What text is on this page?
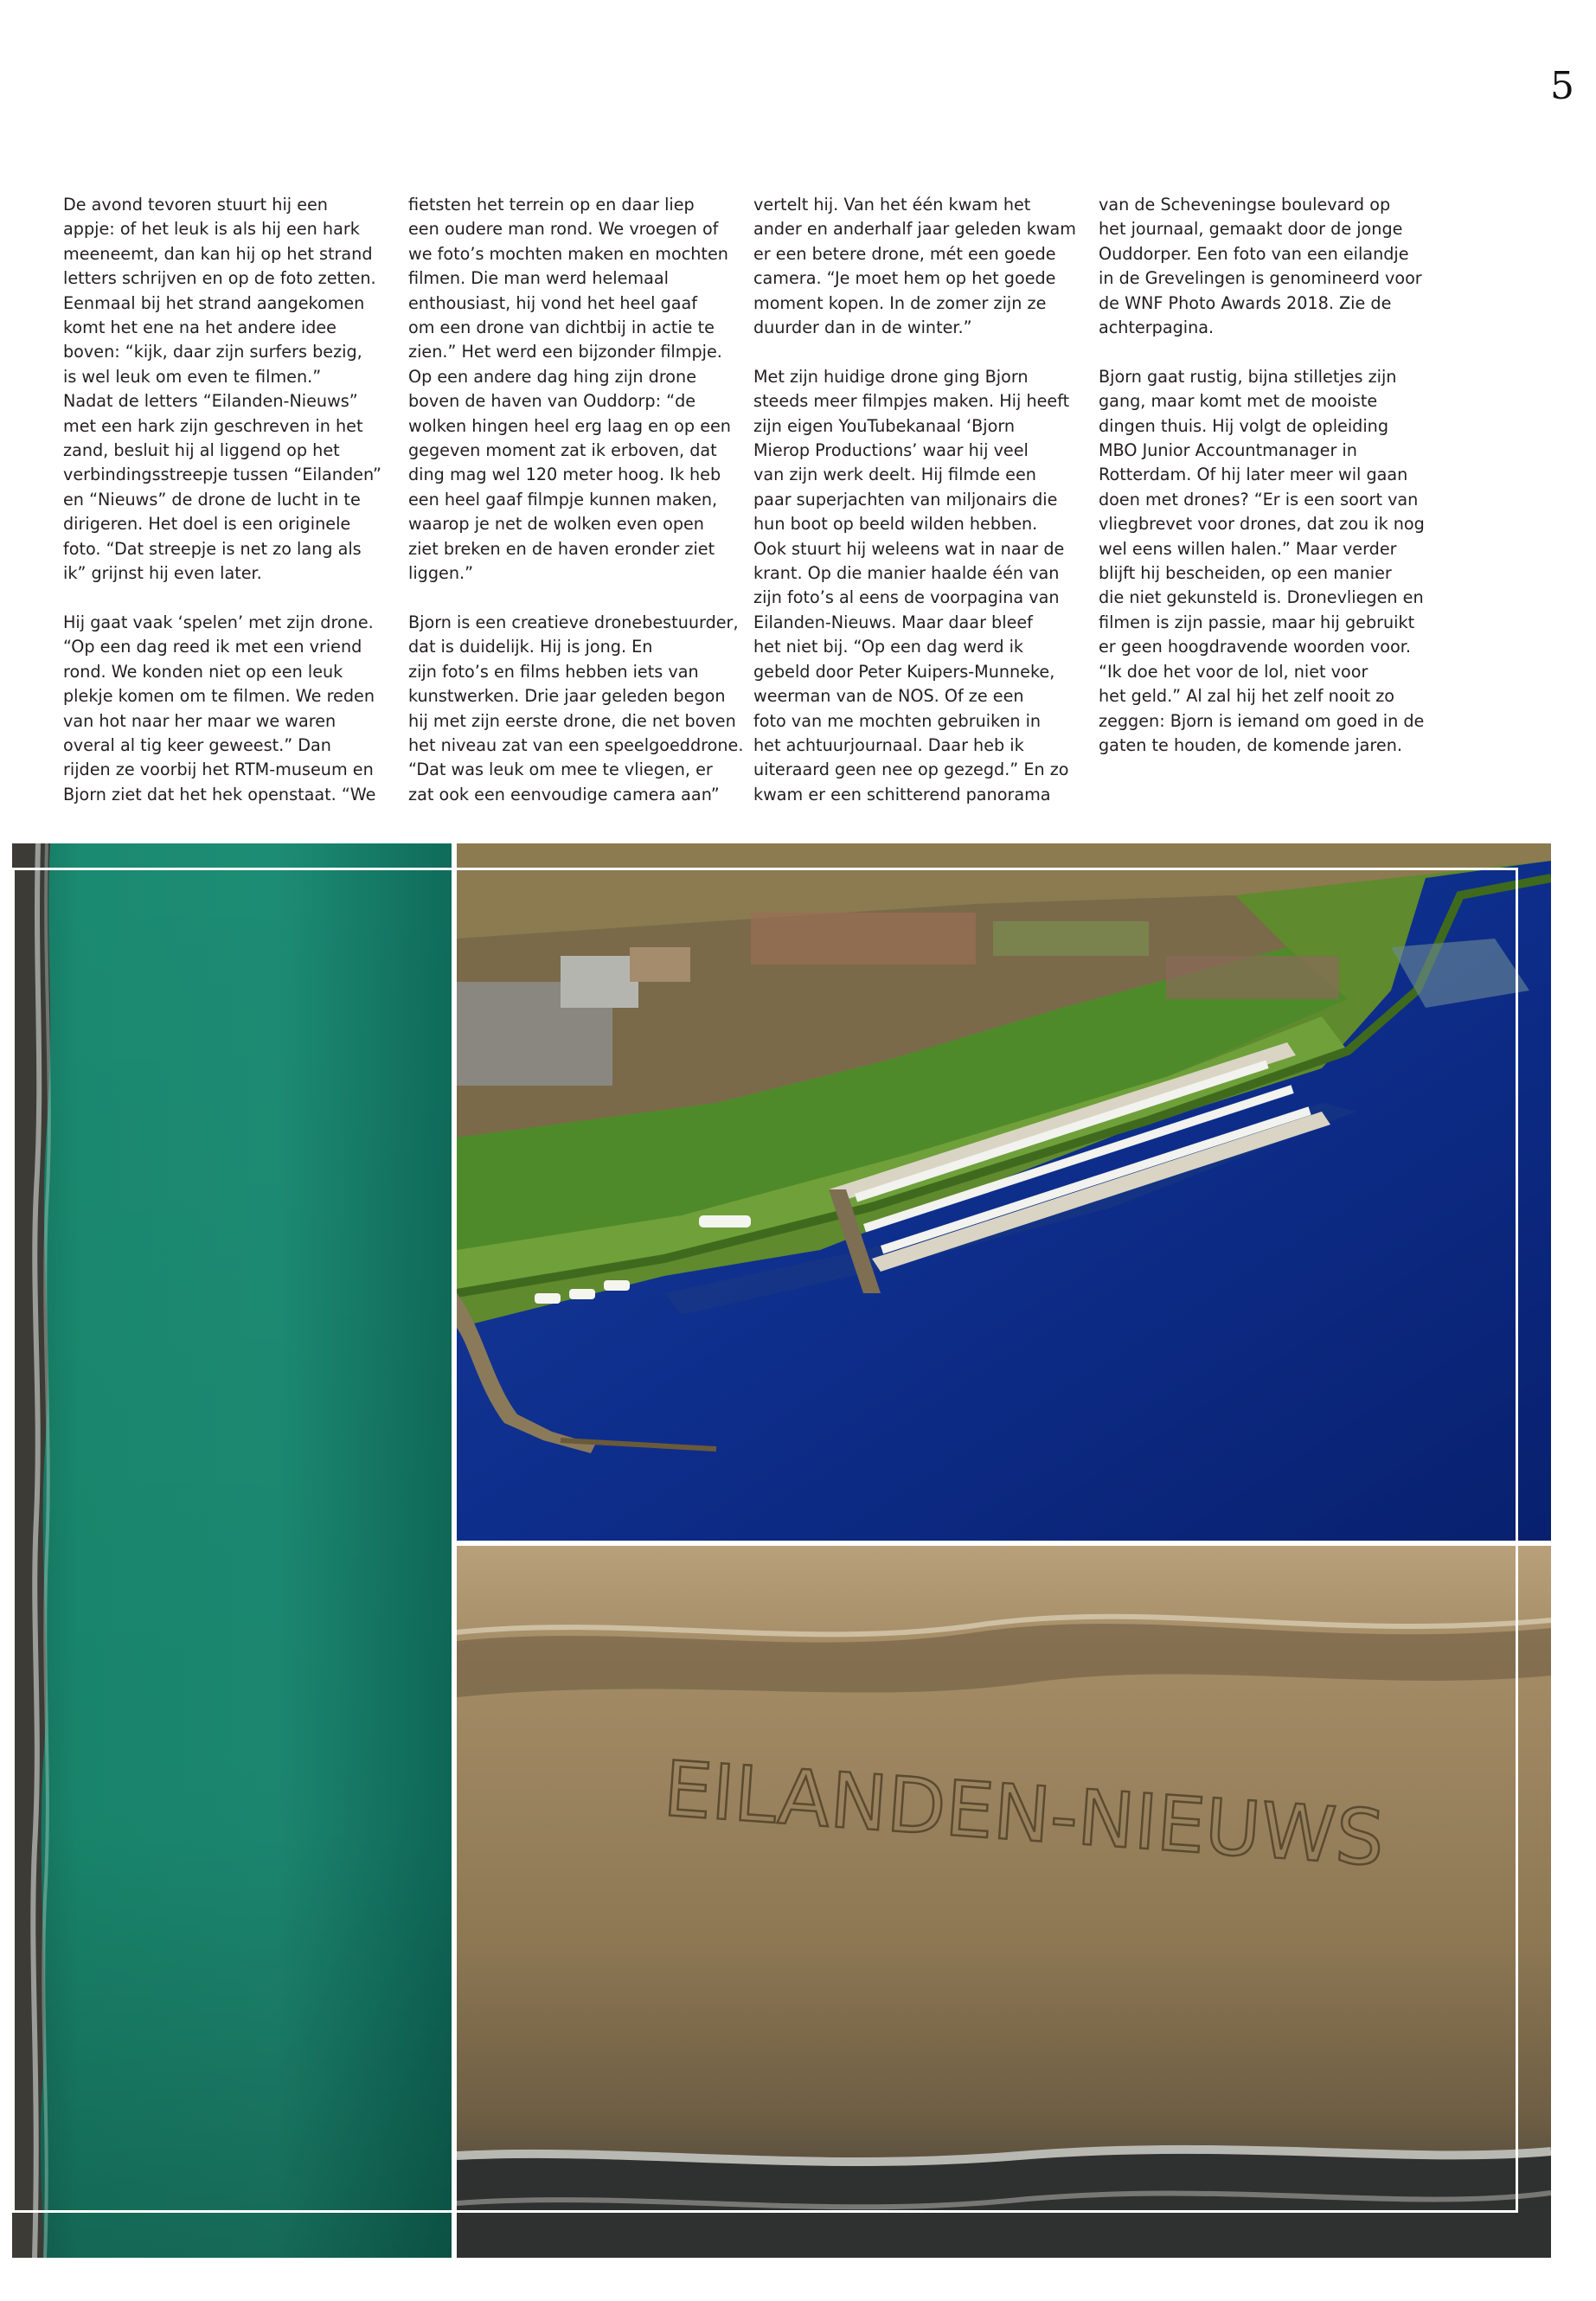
5

De avond tevoren stuurt hij een
appje: of het leuk is als hij een hark
meeneemt, dan kan hij op het strand
letters schrijven en op de foto zetten.
Eenmaal bij het strand aangekomen
komt het ene na het andere idee
boven: “kijk, daar zijn surfers bezig,
is wel leuk om even te filmen.”
Nadat de letters “Eilanden-Nieuws”
met een hark zijn geschreven in het
zand, besluit hij al liggend op het
verbindingsstreepje tussen “Eilanden”
en “Nieuws” de drone de lucht in te
dirigeren. Het doel is een originele
foto. “Dat streepje is net zo lang als
ik” grijnst hij even later.

Hij gaat vaak ‘spelen’ met zijn drone.
“Op een dag reed ik met een vriend
rond. We konden niet op een leuk
plekje komen om te filmen. We reden
van hot naar her maar we waren
overal al tig keer geweest.” Dan
rijden ze voorbij het RTM-museum en
Bjorn ziet dat het hek openstaat. “We

fietsten het terrein op en daar liep
een oudere man rond. We vroegen of
we foto’s mochten maken en mochten
filmen. Die man werd helemaal
enthousiast, hij vond het heel gaaf
om een drone van dichtbij in actie te
zien.” Het werd een bijzonder filmpje.
Op een andere dag hing zijn drone
boven de haven van Ouddorp: “de
wolken hingen heel erg laag en op een
gegeven moment zat ik erboven, dat
ding mag wel 120 meter hoog. Ik heb
een heel gaaf filmpje kunnen maken,
waarop je net de wolken even open
ziet breken en de haven eronder ziet
liggen.”

Bjorn is een creatieve dronebestuurder,
dat is duidelijk. Hij is jong. En
zijn foto’s en films hebben iets van
kunstwerken. Drie jaar geleden begon
hij met zijn eerste drone, die net boven
het niveau zat van een speelgoeddrone.
“Dat was leuk om mee te vliegen, er
zat ook een eenvoudige camera aan”

vertelt hij. Van het één kwam het
ander en anderhalf jaar geleden kwam
er een betere drone, mét een goede
camera. “Je moet hem op het goede
moment kopen. In de zomer zijn ze
duurder dan in de winter.”

Met zijn huidige drone ging Bjorn
steeds meer filmpjes maken. Hij heeft
zijn eigen YouTubekanaal ‘Bjorn
Mierop Productions’ waar hij veel
van zijn werk deelt. Hij filmde een
paar superjachten van miljonairs die
hun boot op beeld wilden hebben.
Ook stuurt hij weleens wat in naar de
krant. Op die manier haalde één van
zijn foto’s al eens de voorpagina van
Eilanden-Nieuws. Maar daar bleef
het niet bij. “Op een dag werd ik
gebeld door Peter Kuipers-Munneke,
weerman van de NOS. Of ze een
foto van me mochten gebruiken in
het achtuurjournaal. Daar heb ik
uiteraard geen nee op gezegd.” En zo
kwam er een schitterend panorama

van de Scheveningse boulevard op
het journaal, gemaakt door de jonge
Ouddorper. Een foto van een eilandje
in de Grevelingen is genomineerd voor
de WNF Photo Awards 2018. Zie de
achterpagina.

Bjorn gaat rustig, bijna stilletjes zijn
gang, maar komt met de mooiste
dingen thuis. Hij volgt de opleiding
MBO Junior Accountmanager in
Rotterdam. Of hij later meer wil gaan
doen met drones? “Er is een soort van
vliegbrevet voor drones, dat zou ik nog
wel eens willen halen.” Maar verder
blijft hij bescheiden, op een manier
die niet gekunsteld is. Dronevliegen en
filmen is zijn passie, maar hij gebruikt
er geen hoogdravende woorden voor.
“Ik doe het voor de lol, niet voor
het geld.” Al zal hij het zelf nooit zo
zeggen: Bjorn is iemand om goed in de
gaten te houden, de komende jaren.

EILANDEN-NIEUWS
